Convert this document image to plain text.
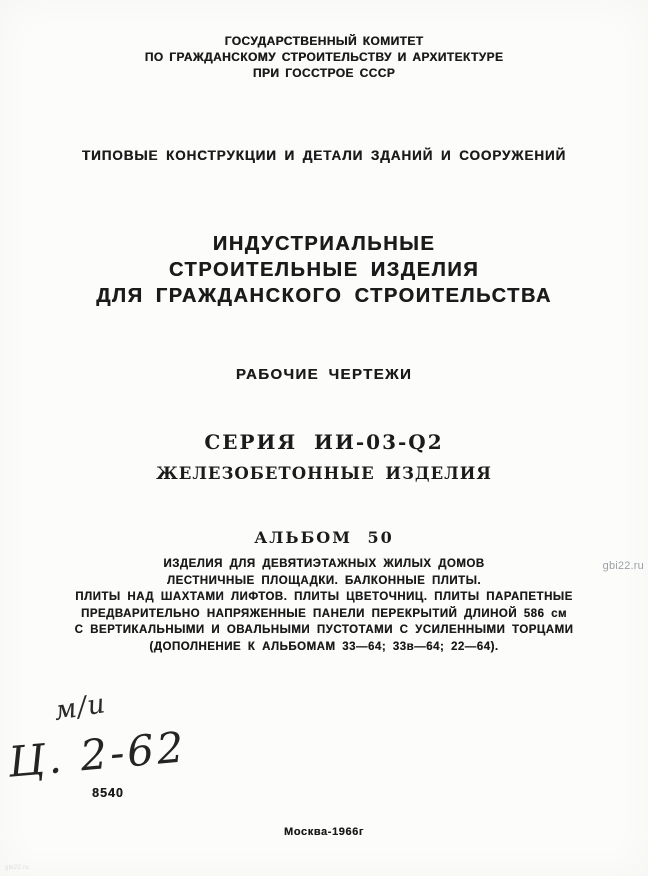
ГОСУДАРСТВЕННЫЙ КОМИТЕТ
ПО ГРАЖДАНСКОМУ СТРОИТЕЛЬСТВУ И АРХИТЕКТУРЕ
ПРИ ГОССТРОЕ СССР
ТИПОВЫЕ КОНСТРУКЦИИ И ДЕТАЛИ ЗДАНИЙ И СООРУЖЕНИЙ
ИНДУСТРИАЛЬНЫЕ
СТРОИТЕЛЬНЫЕ ИЗДЕЛИЯ
ДЛЯ ГРАЖДАНСКОГО СТРОИТЕЛЬСТВА
РАБОЧИЕ ЧЕРТЕЖИ
СЕРИЯ ИИ-03-Q2
ЖЕЛЕЗОБЕТОННЫЕ ИЗДЕЛИЯ
АЛЬБОМ 50
ИЗДЕЛИЯ ДЛЯ ДЕВЯТИЭТАЖНЫХ ЖИЛЫХ ДОМОВ
ЛЕСТНИЧНЫЕ ПЛОЩАДКИ. БАЛКОННЫЕ ПЛИТЫ.
ПЛИТЫ НАД ШАХТАМИ ЛИФТОВ. ПЛИТЫ ЦВЕТОЧНИЦ. ПЛИТЫ ПАРАПЕТНЫЕ
ПРЕДВАРИТЕЛЬНО НАПРЯЖЕННЫЕ ПАНЕЛИ ПЕРЕКРЫТИЙ ДЛИНОЙ 586 см
С ВЕРТИКАЛЬНЫМИ И ОВАЛЬНЫМИ ПУСТОТАМИ С УСИЛЕННЫМИ ТОРЦАМИ
(ДОПОЛНЕНИЕ К АЛЬБОМАМ 33—64; 33в—64; 22—64).
gbi22.ru
м/и
Ц. 2-62
8540
Москва-1966г
gbi22.ru
